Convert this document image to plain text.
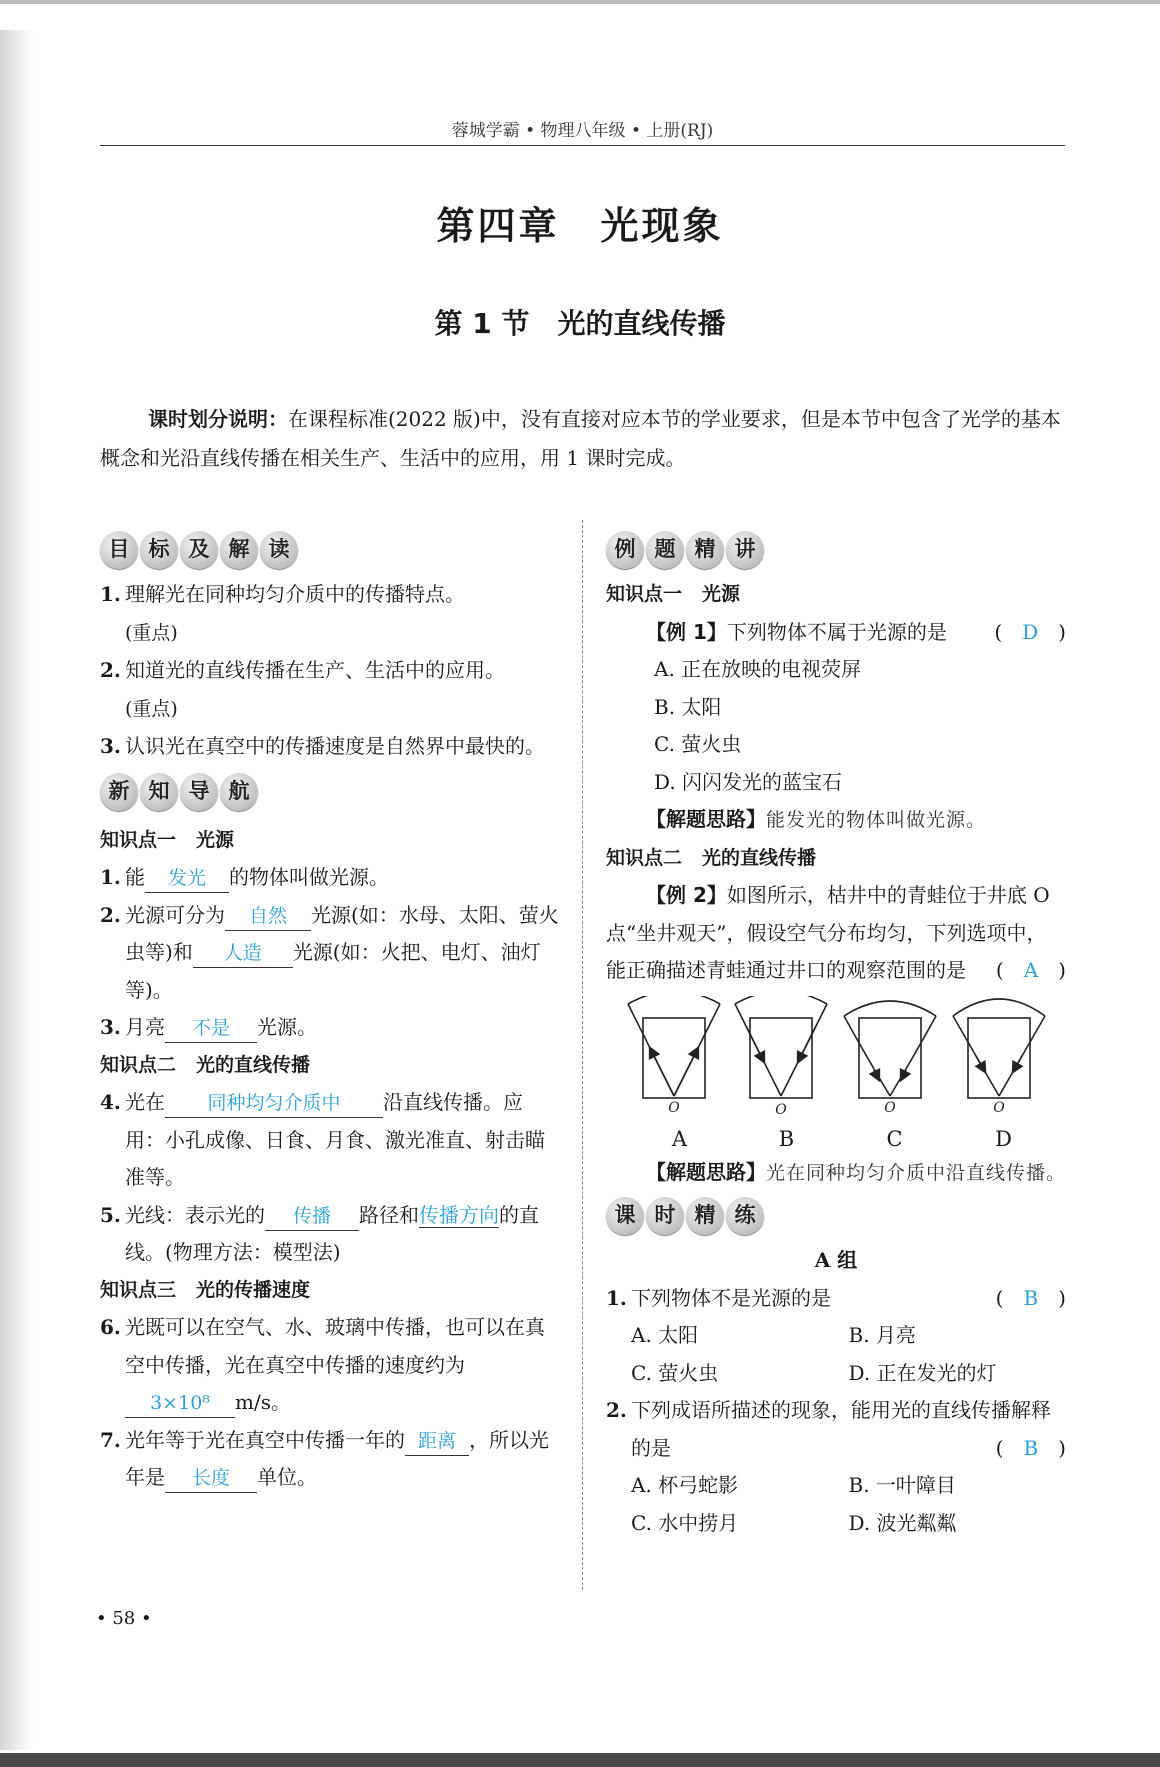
蓉城学霸 • 物理八年级 • 上册(RJ)
第四章　光现象
第 1 节　光的直线传播
课时划分说明：在课程标准(2022 版)中，没有直接对应本节的学业要求，但是本节中包含了光学的基本概念和光沿直线传播在相关生产、生活中的应用，用 1 课时完成。
目 标 及 解 读
1. 理解光在同种均匀介质中的传播特点。
(重点)
2. 知道光的直线传播在生产、生活中的应用。
(重点)
3. 认识光在真空中的传播速度是自然界中最快的。
新 知 导 航
知识点一 光源
1. 能 发光 的物体叫做光源。
2. 光源可分为 自然 光源(如：水母、太阳、萤火虫等)和 人造 光源(如：火把、电灯、油灯等)。
3. 月亮 不是 光源。
知识点二 光的直线传播
4. 光在 同种均匀介质中 沿直线传播。应用：小孔成像、日食、月食、激光准直、射击瞄准等。
5. 光线：表示光的 传播 路径和传播方向的直线。(物理方法：模型法)
知识点三 光的传播速度
6. 光既可以在空气、水、玻璃中传播，也可以在真空中传播，光在真空中传播的速度约为3×10⁸ m/s。
7. 光年等于光在真空中传播一年的 距离 ，所以光年是 长度 单位。
例 题 精 讲
知识点一 光源
【例 1】下列物体不属于光源的是 (　D　)
A. 正在放映的电视荧屏
B. 太阳
C. 萤火虫
D. 闪闪发光的蓝宝石
【解题思路】能发光的物体叫做光源。
知识点二 光的直线传播
【例 2】如图所示，枯井中的青蛙位于井底 O 点“坐井观天”，假设空气分布均匀，下列选项中，能正确描述青蛙通过井口的观察范围的是 (　A　)
O	O	O	O
A	B	C	D
【解题思路】光在同种均匀介质中沿直线传播。
课 时 精 练
A 组
1. 下列物体不是光源的是	(　B　)
A. 太阳	B. 月亮
C. 萤火虫	D. 正在发光的灯
2. 下列成语所描述的现象，能用光的直线传播解释的是	(　B　)
A. 杯弓蛇影	B. 一叶障目
C. 水中捞月	D. 波光粼粼
• 58 •
